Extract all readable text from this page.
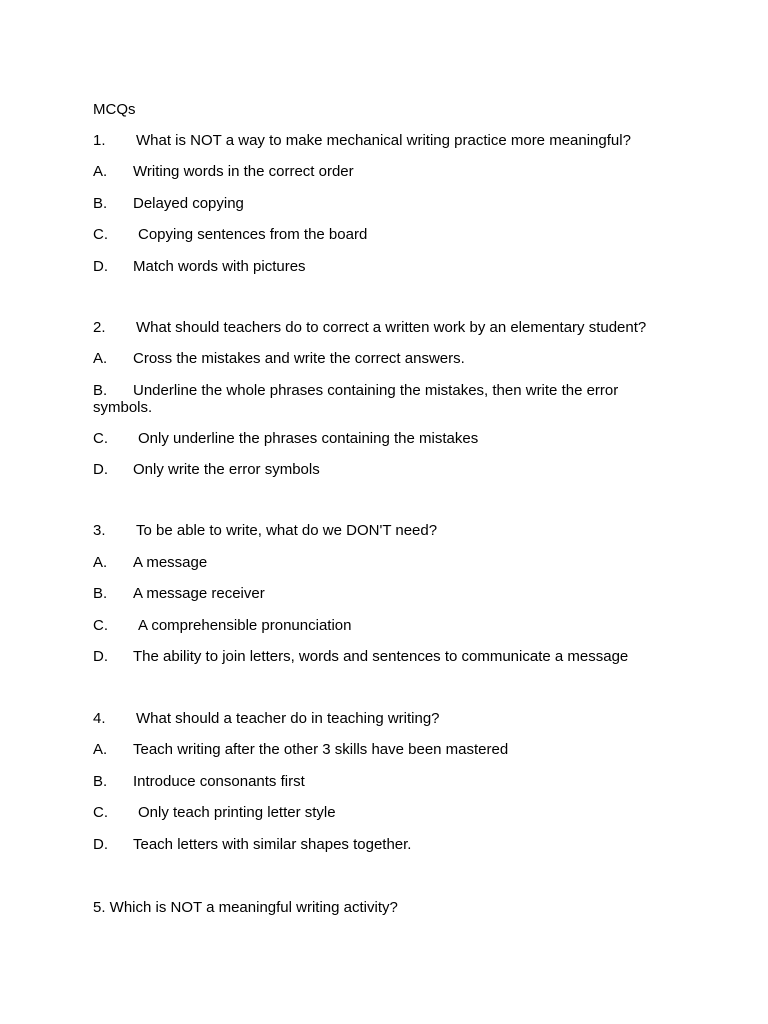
MCQs
1. What is NOT a way to make mechanical writing practice more meaningful?
A. Writing words in the correct order
B. Delayed copying
C. Copying sentences from the board
D. Match words with pictures
2. What should teachers do to correct a written work by an elementary student?
A. Cross the mistakes and write the correct answers.
B. Underline the whole phrases containing the mistakes, then write the error symbols.
C. Only underline the phrases containing the mistakes
D. Only write the error symbols
3. To be able to write, what do we DON'T need?
A. A message
B. A message receiver
C. A comprehensible pronunciation
D. The ability to join letters, words and sentences to communicate a message
4. What should a teacher do in teaching writing?
A. Teach writing after the other 3 skills have been mastered
B. Introduce consonants first
C. Only teach printing letter style
D. Teach letters with similar shapes together.
5. Which is NOT a meaningful writing activity?
